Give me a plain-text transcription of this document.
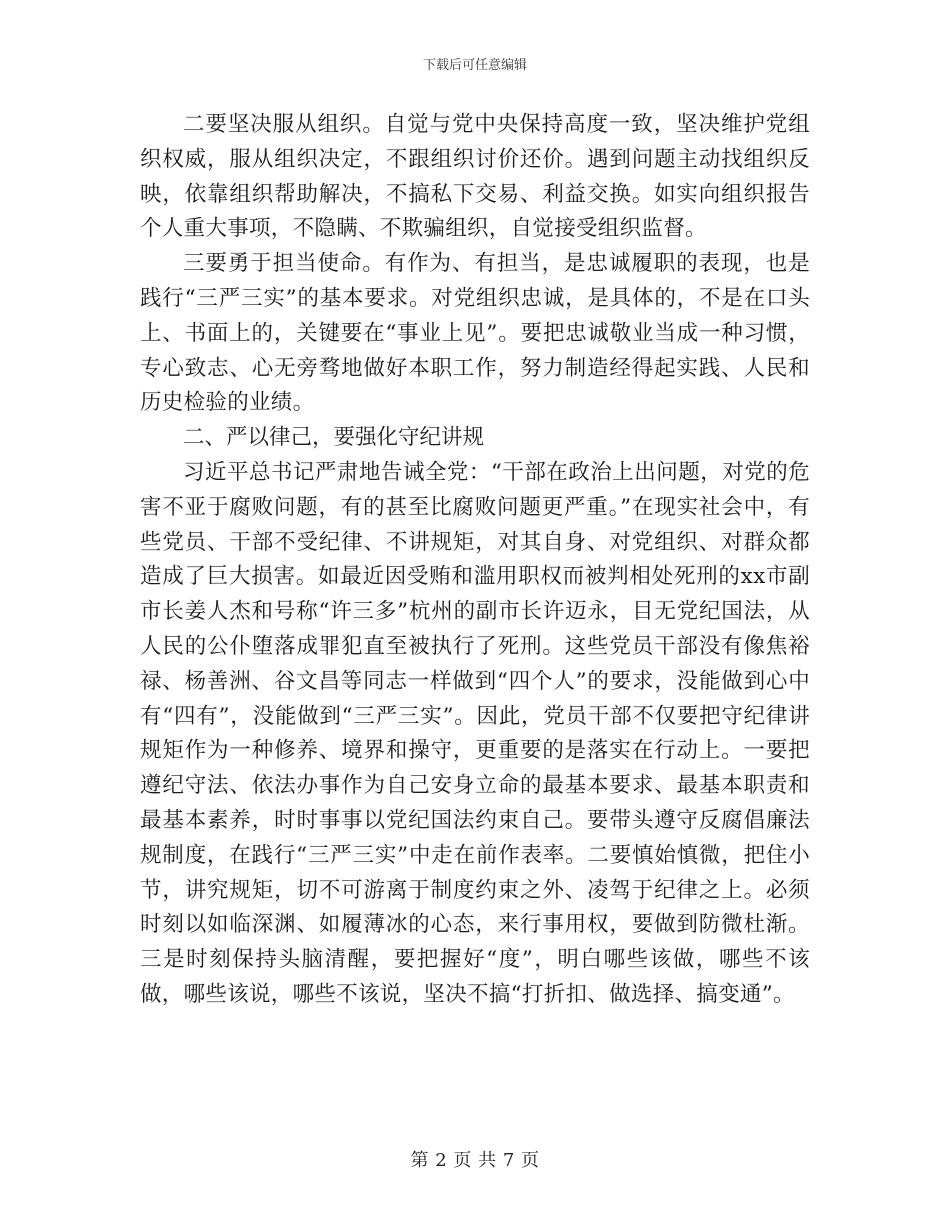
下载后可任意编辑

二要坚决服从组织。自觉与党中央保持高度一致，坚决维护党组织权威，服从组织决定，不跟组织讨价还价。遇到问题主动找组织反映，依靠组织帮助解决，不搞私下交易、利益交换。如实向组织报告个人重大事项，不隐瞒、不欺骗组织，自觉接受组织监督。

三要勇于担当使命。有作为、有担当，是忠诚履职的表现，也是践行“三严三实”的基本要求。对党组织忠诚，是具体的，不是在口头上、书面上的，关键要在“事业上见”。要把忠诚敬业当成一种习惯，专心致志、心无旁骛地做好本职工作，努力制造经得起实践、人民和历史检验的业绩。

二、严以律己，要强化守纪讲规

习近平总书记严肃地告诫全党：“干部在政治上出问题，对党的危害不亚于腐败问题，有的甚至比腐败问题更严重。”在现实社会中，有些党员、干部不受纪律、不讲规矩，对其自身、对党组织、对群众都造成了巨大损害。如最近因受贿和滥用职权而被判相处死刑的xx市副市长姜人杰和号称“许三多”杭州的副市长许迈永，目无党纪国法，从人民的公仆堕落成罪犯直至被执行了死刑。这些党员干部没有像焦裕禄、杨善洲、谷文昌等同志一样做到“四个人”的要求，没能做到心中有“四有”，没能做到“三严三实”。因此，党员干部不仅要把守纪律讲规矩作为一种修养、境界和操守，更重要的是落实在行动上。一要把遵纪守法、依法办事作为自己安身立命的最基本要求、最基本职责和最基本素养，时时事事以党纪国法约束自己。要带头遵守反腐倡廉法规制度，在践行“三严三实”中走在前作表率。二要慎始慎微，把住小节，讲究规矩，切不可游离于制度约束之外、凌驾于纪律之上。必须时刻以如临深渊、如履薄冰的心态，来行事用权，要做到防微杜渐。三是时刻保持头脑清醒，要把握好“度”，明白哪些该做，哪些不该做，哪些该说，哪些不该说，坚决不搞“打折扣、做选择、搞变通”。

第 2 页 共 7 页
